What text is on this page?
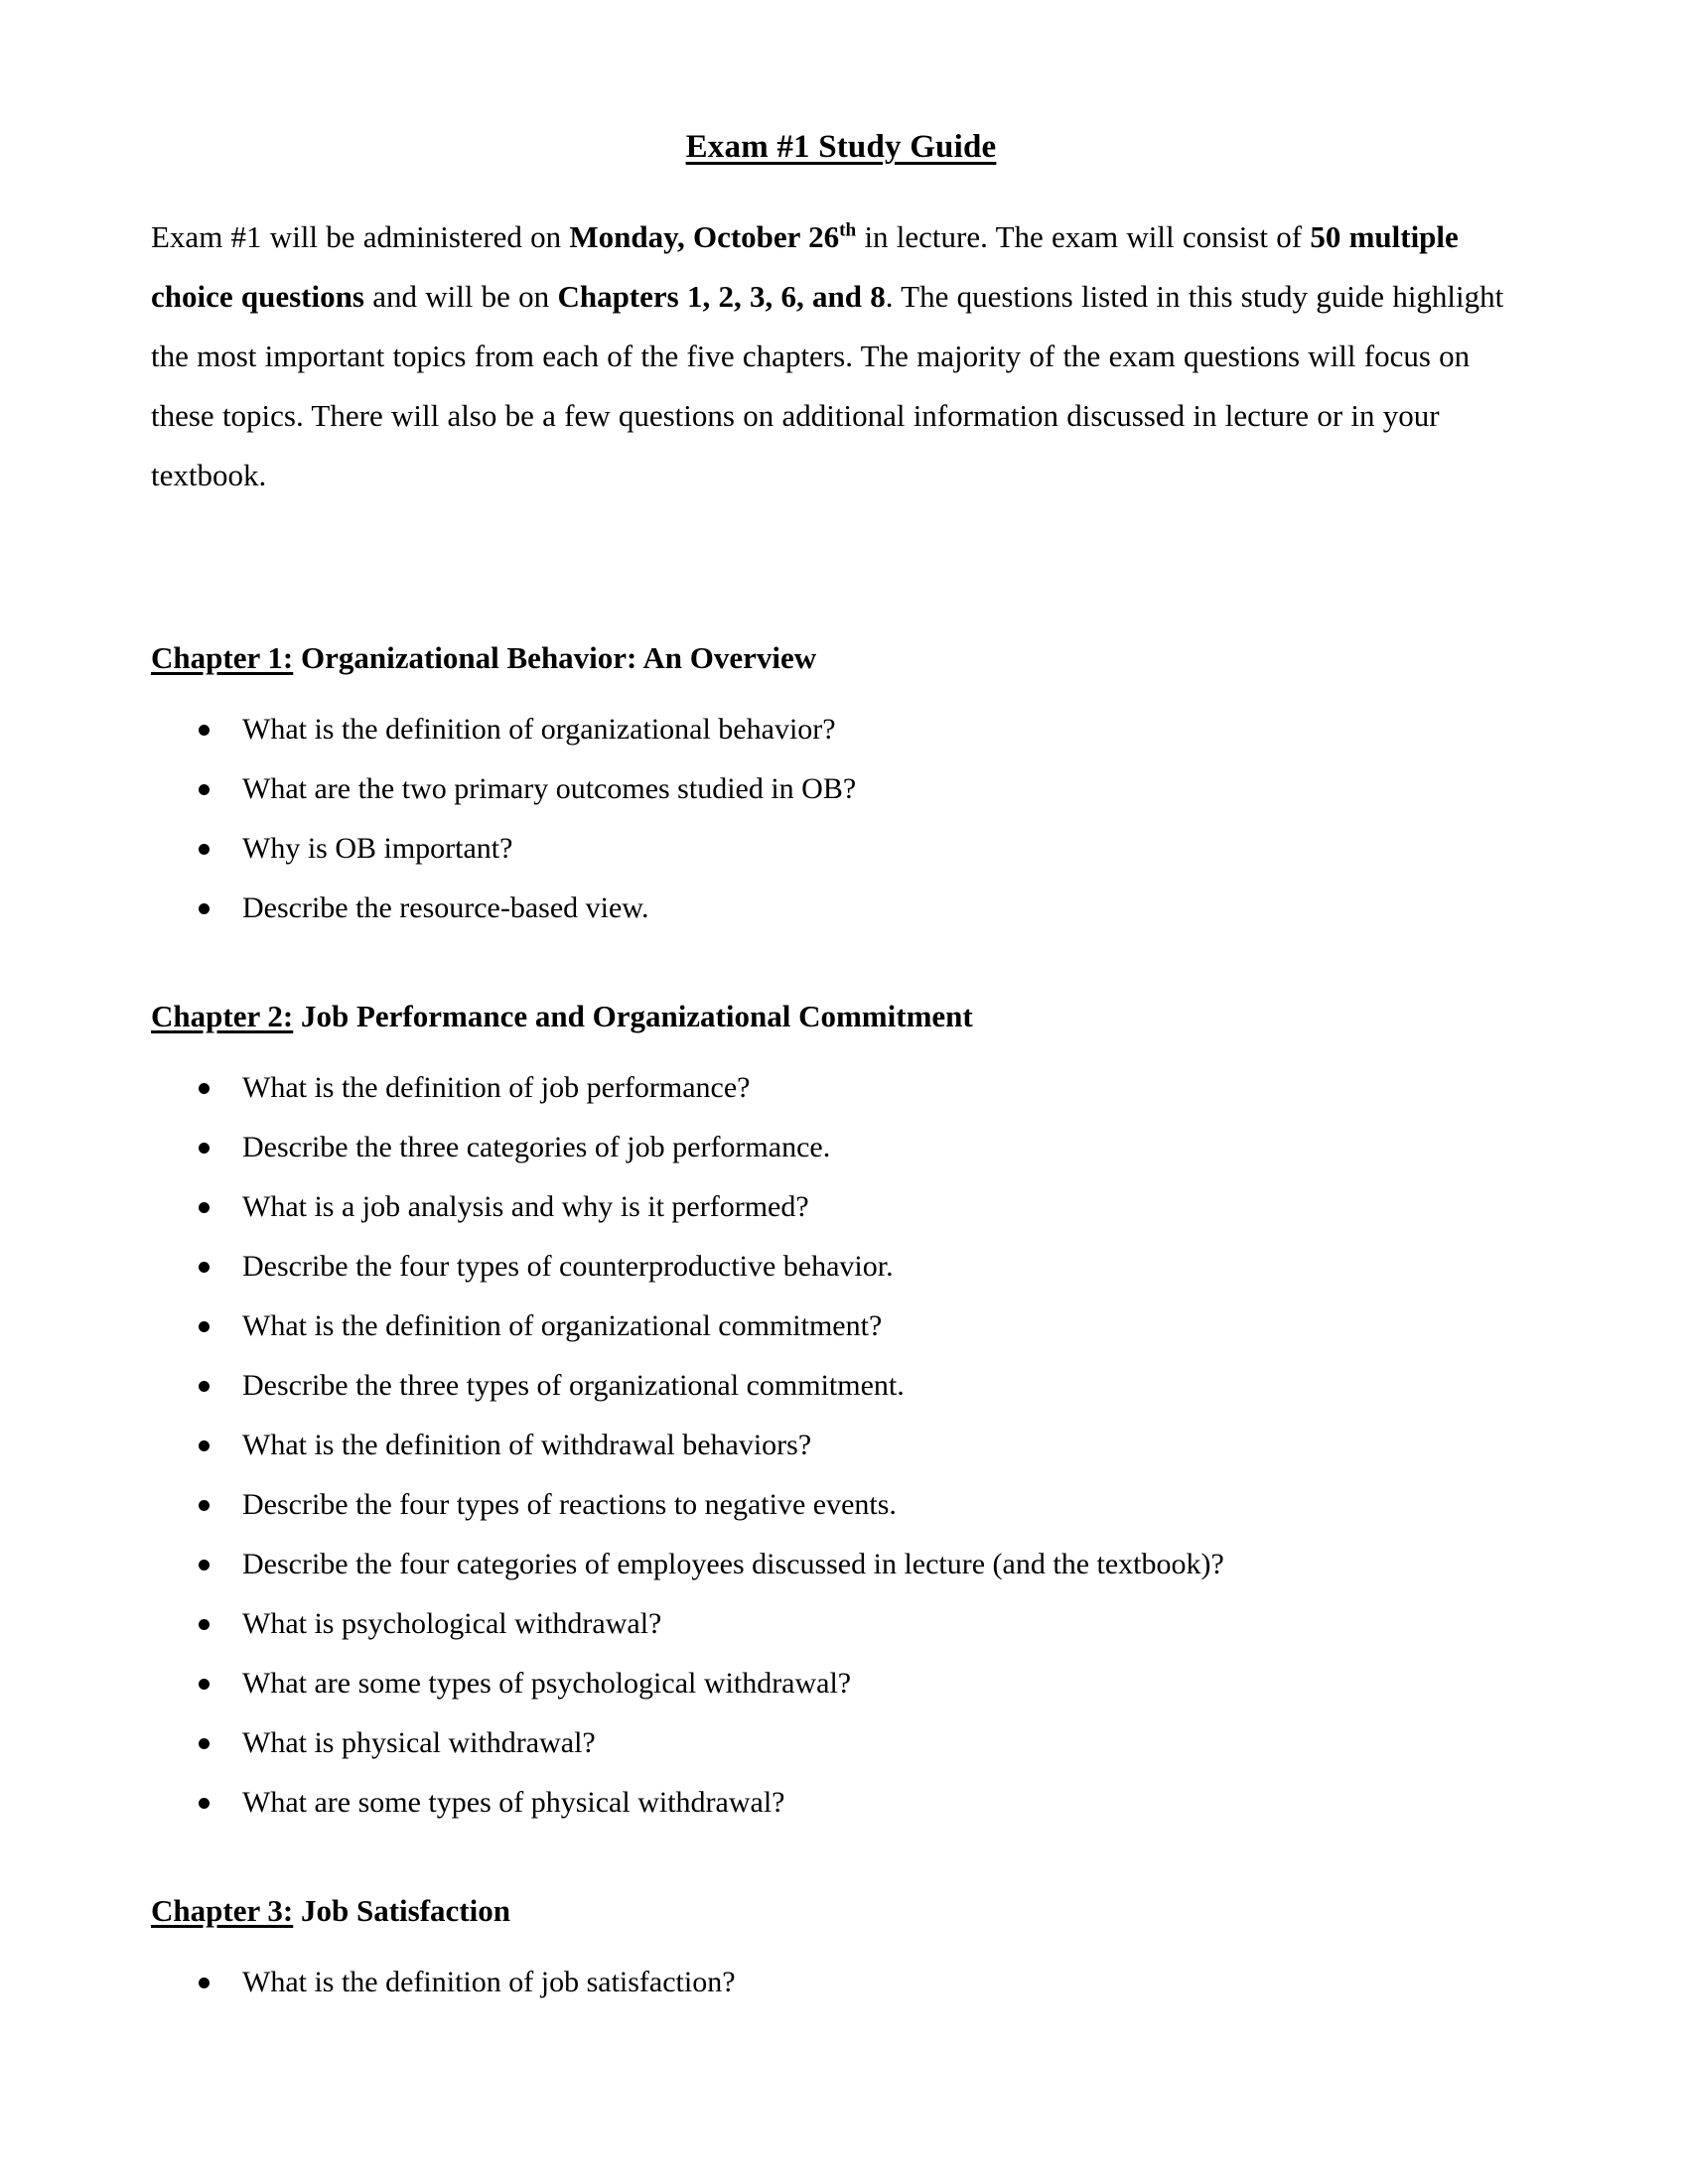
Exam #1 Study Guide

Exam #1 will be administered on Monday, October 26th in lecture. The exam will consist of 50 multiple choice questions and will be on Chapters 1, 2, 3, 6, and 8. The questions listed in this study guide highlight the most important topics from each of the five chapters. The majority of the exam questions will focus on these topics. There will also be a few questions on additional information discussed in lecture or in your textbook.

Chapter 1: Organizational Behavior: An Overview
What is the definition of organizational behavior?
What are the two primary outcomes studied in OB?
Why is OB important?
Describe the resource-based view.
Chapter 2: Job Performance and Organizational Commitment
What is the definition of job performance?
Describe the three categories of job performance.
What is a job analysis and why is it performed?
Describe the four types of counterproductive behavior.
What is the definition of organizational commitment?
Describe the three types of organizational commitment.
What is the definition of withdrawal behaviors?
Describe the four types of reactions to negative events.
Describe the four categories of employees discussed in lecture (and the textbook)?
What is psychological withdrawal?
What are some types of psychological withdrawal?
What is physical withdrawal?
What are some types of physical withdrawal?
Chapter 3: Job Satisfaction
What is the definition of job satisfaction?
